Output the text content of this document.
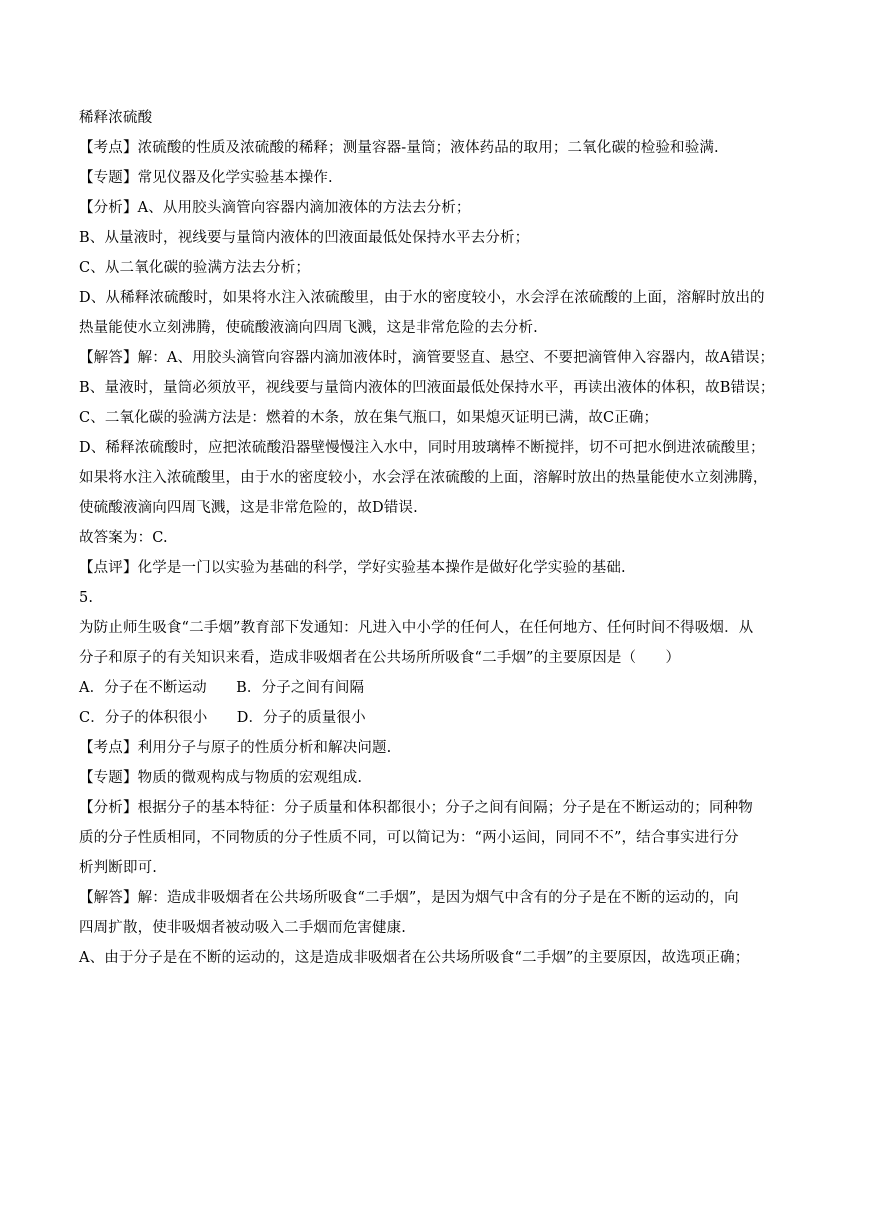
稀释浓硫酸
【考点】浓硫酸的性质及浓硫酸的稀释；测量容器-量筒；液体药品的取用；二氧化碳的检验和验满.
【专题】常见仪器及化学实验基本操作.
【分析】A、从用胶头滴管向容器内滴加液体的方法去分析；
B、从量液时，视线要与量筒内液体的凹液面最低处保持水平去分析；
C、从二氧化碳的验满方法去分析；
D、从稀释浓硫酸时，如果将水注入浓硫酸里，由于水的密度较小，水会浮在浓硫酸的上面，溶解时放出的
热量能使水立刻沸腾，使硫酸液滴向四周飞溅，这是非常危险的去分析.
【解答】解：A、用胶头滴管向容器内滴加液体时，滴管要竖直、悬空、不要把滴管伸入容器内，故A错误；
B、量液时，量筒必须放平，视线要与量筒内液体的凹液面最低处保持水平，再读出液体的体积，故B错误；
C、二氧化碳的验满方法是：燃着的木条，放在集气瓶口，如果熄灭证明已满，故C正确；
D、稀释浓硫酸时，应把浓硫酸沿器壁慢慢注入水中，同时用玻璃棒不断搅拌，切不可把水倒进浓硫酸里；
如果将水注入浓硫酸里，由于水的密度较小，水会浮在浓硫酸的上面，溶解时放出的热量能使水立刻沸腾，
使硫酸液滴向四周飞溅，这是非常危险的，故D错误.
故答案为：C.
【点评】化学是一门以实验为基础的科学，学好实验基本操作是做好化学实验的基础.
5.
为防止师生吸食“二手烟”教育部下发通知：凡进入中小学的任何人，在任何地方、任何时间不得吸烟．从
分子和原子的有关知识来看，造成非吸烟者在公共场所所吸食“二手烟”的主要原因是（　　）
A．分子在不断运动　　B．分子之间有间隔
C．分子的体积很小　　D．分子的质量很小
【考点】利用分子与原子的性质分析和解决问题.
【专题】物质的微观构成与物质的宏观组成.
【分析】根据分子的基本特征：分子质量和体积都很小；分子之间有间隔；分子是在不断运动的；同种物
质的分子性质相同，不同物质的分子性质不同，可以简记为：“两小运间，同同不不”，结合事实进行分
析判断即可.
【解答】解：造成非吸烟者在公共场所吸食“二手烟”，是因为烟气中含有的分子是在不断的运动的，向
四周扩散，使非吸烟者被动吸入二手烟而危害健康.
A、由于分子是在不断的运动的，这是造成非吸烟者在公共场所吸食“二手烟”的主要原因，故选项正确；
